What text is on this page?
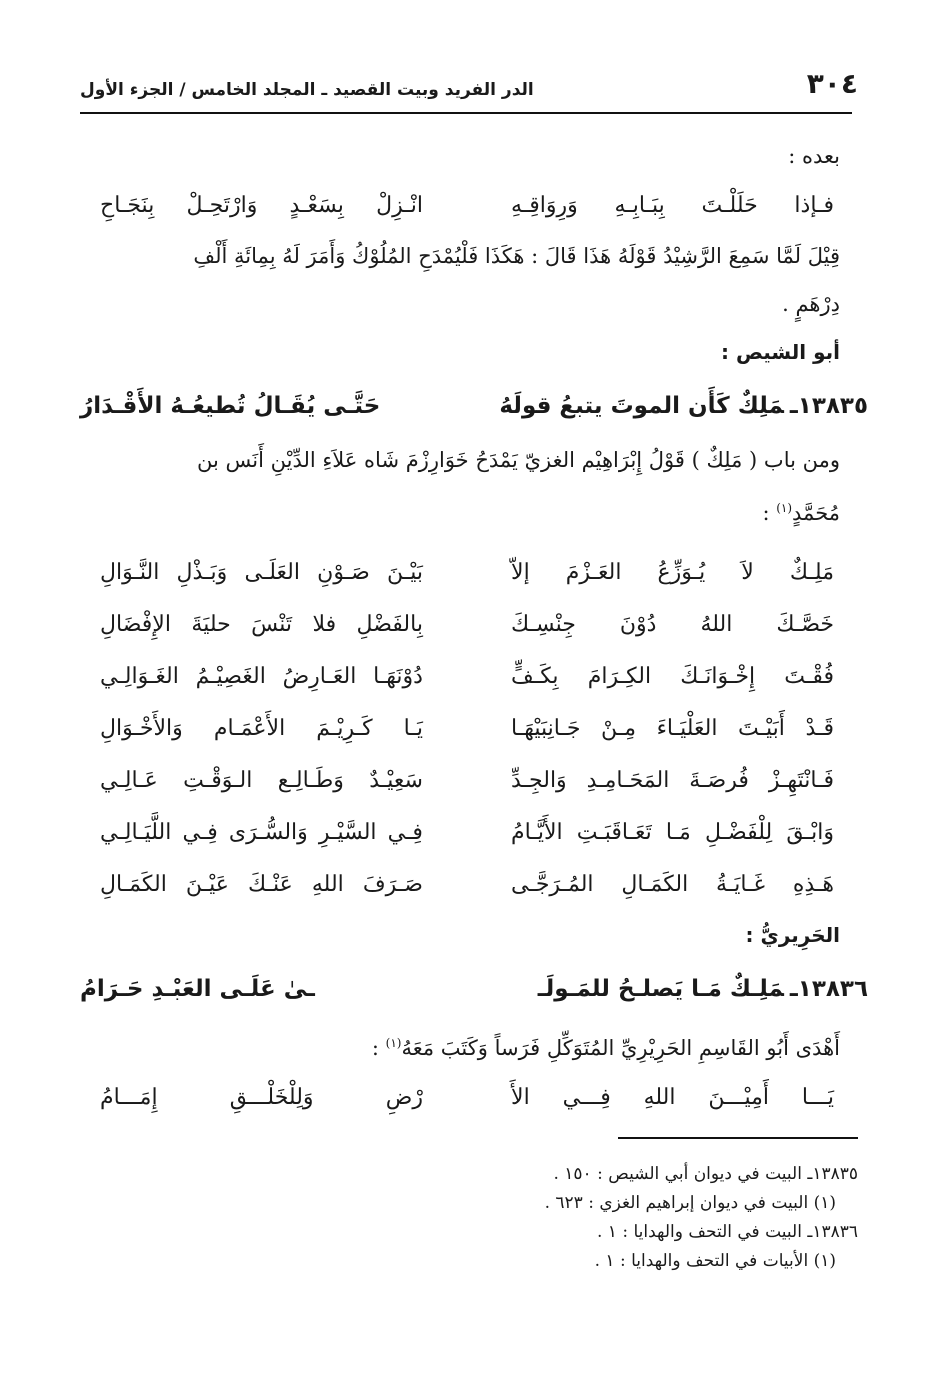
٣٠٤
الدر الفريد وبيت القصيد ـ المجلد الخامس / الجزء الأول

بعده :

فـإذا حَلَلْـتَ بِبَـابِـهِ وَرِوَاقِـهِ
انْـزِلْ بِسَعْـدٍ وَارْتَحِـلْ بِنَجَـاحِ

قِيْلَ لَمَّا سَمِعَ الرَّشِيْدُ قَوْلَهُ هَذَا قَالَ : هَكَذَا فَلْيُمْدَحِ المُلُوْكُ وَأَمَرَ لَهُ بِمِائَةِ أَلْفِ

دِرْهَمٍ .

أبو الشيص :

١٣٨٣٥ـمَلِكٌ كَأَن الموتَ يتبعُ قولَهُ
حَتَّـى يُقَـالُ تُطيعُـهُ الأَقْـدَارُ

ومن باب ( مَلِكٌ ) قَوْلُ إِبْرَاهِيْم الغزيّ يَمْدَحُ خَوَارِزْمَ شَاه عَلاَءِ الدِّيْنِ أَنَس بن

مُحَمَّدٍ$^{(١)}$ :

مَلِـكٌ لاَ يُـوَزِّعُ العَـزْمَ إلاّ
بَيْـنَ صَـوْنِ العَلَـى وَبَـذْلِ النَّـوَالِ
خَصَّـكَ اللهُ دُوْنَ جِنْسِـكَ
بِالفَضْلِ فلا تَنْسَ حليَةَ الإِفْضَالِ
فُقْـتَ إِخْـوَانَـكَ الكِـرَامَ بِكَـفٍّ
دُوْنَهَـا العَـارِضُ الغَصِيْـمُ الغَـوَالِـي
قَـدْ أَبَيْـتَ العَلْيَـاءَ مِـنْ جَـانِبَيْهَـا
يَـا كَـرِيْـمَ الأَعْمَـام وَالأَخْـوَالِ
فَـانْتَهِـزْ فُرصَـةَ المَحَـامِـدِ وَالجِـدِّ
سَعِيْـدٌ وَطَـالِـع الـوَقْـتِ عَـالِـي
وَابْـقَ لِلْفَضْـلِ مَـا تَعَـاقَبَـتِ الأَيَّـامُ
فِـي السَّيْـرِ وَالسُّـرَى فِـي اللَّيَـالِـي
هَـذِهِ غَـايَـةُ الكَمَـالِ المُـرَجَّـى
صَـرَفَ اللهِ عَنْـكَ عَيْـنَ الكَمَـالِ

الحَرِيريُّ :

١٣٨٣٦ـمَلِـكٌ مَـا يَصلـحُ للمَـولَـ
ـىٰ عَلَـى العَبْـدِ حَـرَامُ

أَهْدَى أَبُو القَاسِمِ الحَرِيْرِيِّ المُتَوَكِّلِ فَرَساً وَكَتَبَ مَعَهُ$^{(١)}$ :

يَـــا أَمِيْـــنَ اللهِ فِـــي الأَ
رْضِ وَلِلْخَلْـــقِ إِمَـــامُ

١٣٨٣٥ـ البيت في ديوان أبي الشيص : ١٥٠ .

(١) البيت في ديوان إبراهيم الغزي : ٦٢٣ .

١٣٨٣٦ـ البيت في التحف والهدايا : ١ .

(١) الأبيات في التحف والهدايا : ١ .
